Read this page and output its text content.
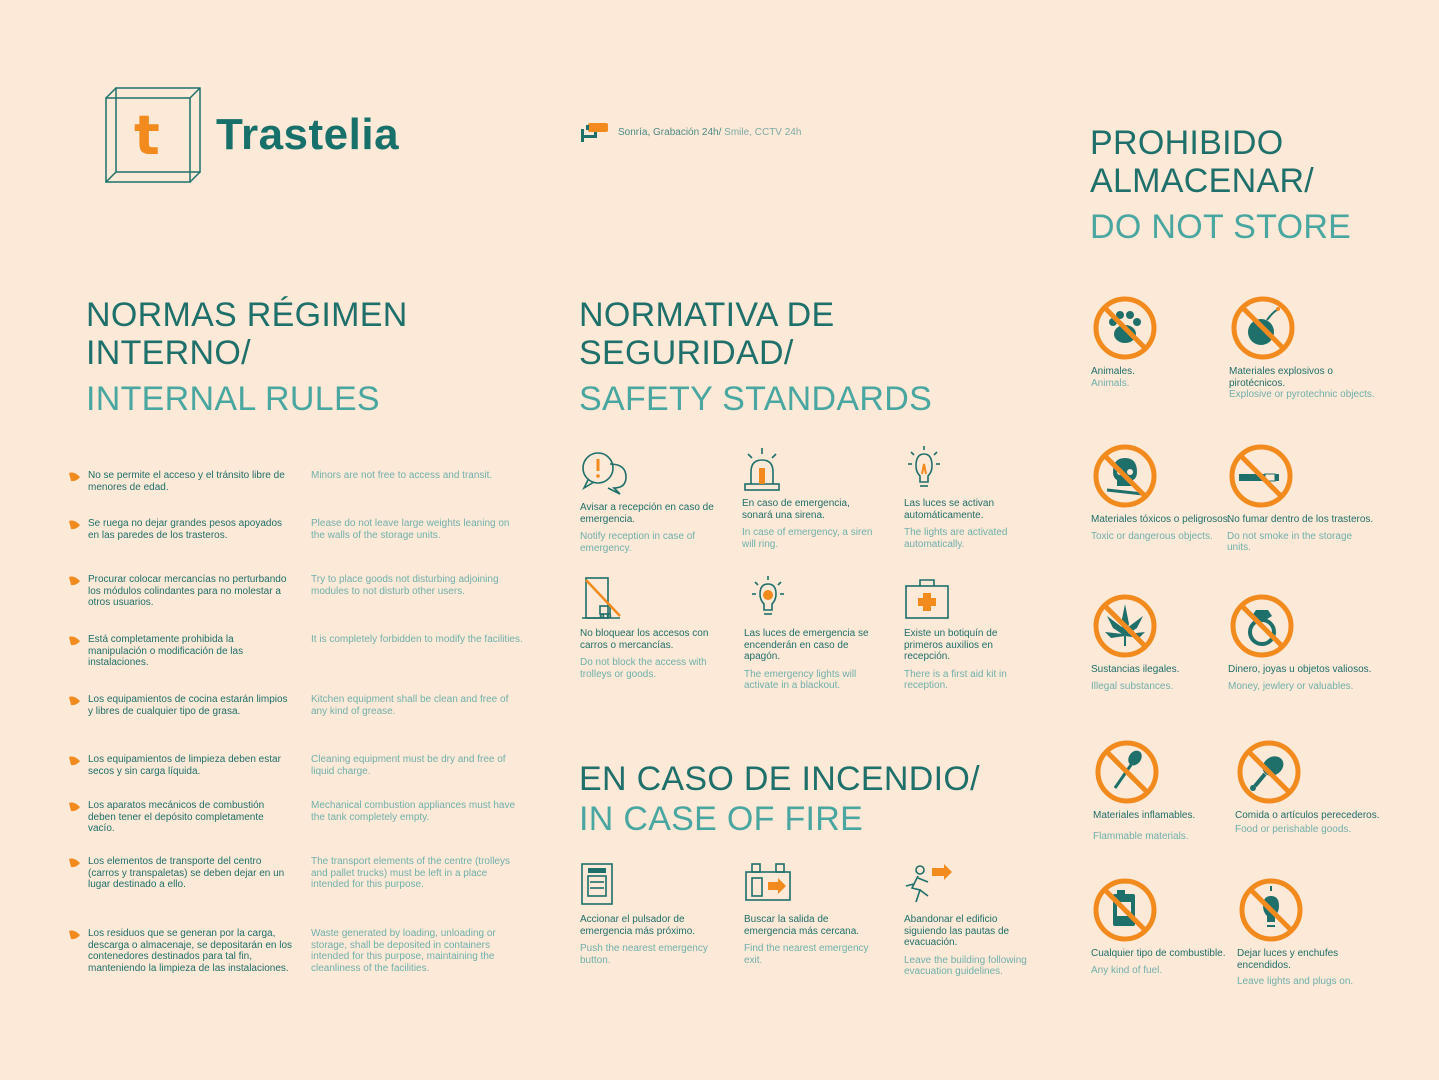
t Trastelia	Sonría, Grabación 24h/ Smile, CCTV 24h	PROHIBIDO
ALMACENAR/
DO NOT STORE
NORMAS RÉGIMEN
INTERNO/
INTERNAL RULES
NORMATIVA DE
SEGURIDAD/
SAFETY STANDARDS
EN CASO DE INCENDIO/
IN CASE OF FIRE
No se permite el acceso y el tránsito libre de menores de edad.
Minors are not free to access and transit.
Se ruega no dejar grandes pesos apoyados en las paredes de los trasteros.
Please do not leave large weights leaning on the walls of the storage units.
Procurar colocar mercancías no perturbando los módulos colindantes para no molestar a otros usuarios.
Try to place goods not disturbing adjoining modules to not disturb other users.
Está completamente prohibida la manipulación o modificación de las instalaciones.
It is completely forbidden to modify the facilities.
Los equipamientos de cocina estarán limpios y libres de cualquier tipo de grasa.
Kitchen equipment shall be clean and free of any kind of grease.
Los equipamientos de limpieza deben estar secos y sin carga líquida.
Cleaning equipment must be dry and free of liquid charge.
Los aparatos mecánicos de combustión deben tener el depósito completamente vacío.
Mechanical combustion appliances must have the tank completely empty.
Los elementos de transporte del centro (carros y transpaletas) se deben dejar en un lugar destinado a ello.
The transport elements of the centre (trolleys and pallet trucks) must be left in a place intended for this purpose.
Los residuos que se generan por la carga, descarga o almacenaje, se depositarán en los contenedores destinados para tal fin, manteniendo la limpieza de las instalaciones.
Waste generated by loading, unloading or storage, shall be deposited in containers intended for this purpose, maintaining the cleanliness of the facilities.
Avisar a recepción en caso de emergencia.
Notify reception in case of emergency.
En caso de emergencia, sonará una sirena.
In case of emergency, a siren will ring.
Las luces se activan automáticamente.
The lights are activated automatically.
No bloquear los accesos con carros o mercancías.
Do not block the access with trolleys or goods.
Las luces de emergencia se encenderán en caso de apagón.
The emergency lights will activate in a blackout.
Existe un botiquín de primeros auxilios en recepción.
There is a first aid kit in reception.
Accionar el pulsador de emergencia más próximo.
Push the nearest emergency button.
Buscar la salida de emergencia más cercana.
Find the nearest emergency exit.
Abandonar el edificio siguiendo las pautas de evacuación.
Leave the building following evacuation guidelines.
Animales.
Animals.
Materiales explosivos o pirotécnicos.
Explosive or pyrotechnic objects.
Materiales tóxicos o peligrosos.
Toxic or dangerous objects.
No fumar dentro de los trasteros.
Do not smoke in the storage units.
Sustancias ilegales.
Illegal substances.
Dinero, joyas u objetos valiosos.
Money, jewlery or valuables.
Materiales inflamables.
Flammable materials.
Comida o artículos perecederos.
Food or perishable goods.
Cualquier tipo de combustible.
Any kind of fuel.
Dejar luces y enchufes encendidos.
Leave lights and plugs on.
